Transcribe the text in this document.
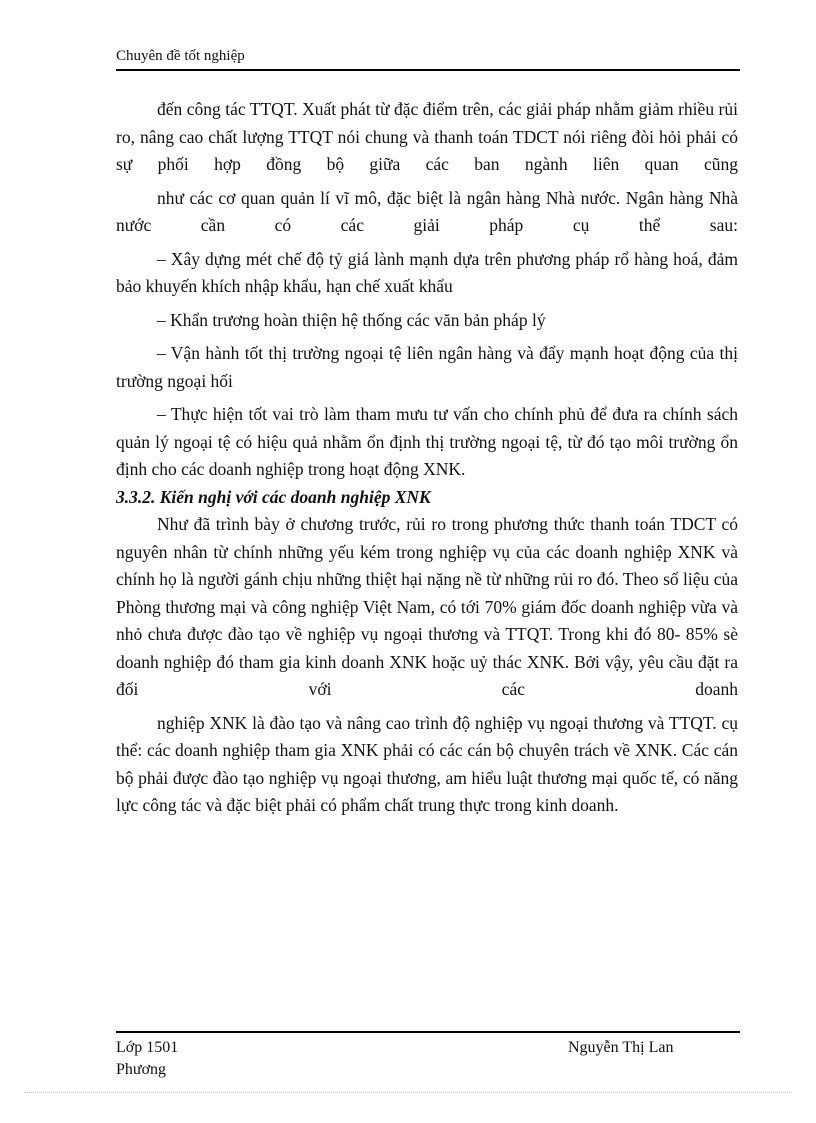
Chuyên đề tốt nghiệp

đến công tác TTQT. Xuất phát từ đặc điểm trên, các giải pháp nhằm giảm rhiều rủi ro, nâng cao chất lượng TTQT nói chung và thanh toán TDCT nói riêng đòi hỏi phải có sự phối hợp đồng bộ giữa các ban ngành liên quan cũng

như các cơ quan quản lí vĩ mô, đặc biệt là ngân hàng Nhà nước. Ngân hàng Nhà nước cần có các giải pháp cụ thể sau:

– Xây dựng mét chế độ tỷ giá lành mạnh dựa trên phương pháp rổ hàng hoá, đảm bảo khuyến khích nhập khẩu, hạn chế xuất khẩu

– Khẩn trương hoàn thiện hệ thống các văn bản pháp lý

– Vận hành tốt thị trường ngoại tệ liên ngân hàng và đẩy mạnh hoạt động của thị trường ngoại hối

– Thực hiện tốt vai trò làm tham mưu tư vấn cho chính phủ để đưa ra chính sách quản lý ngoại tệ có hiệu quả nhằm ổn định thị trường ngoại tệ, từ đó tạo môi trường ổn định cho các doanh nghiệp trong hoạt động XNK.

3.3.2. Kiến nghị với các doanh nghiệp XNK

Như đã trình bày ở chương trước, rủi ro trong phương thức thanh toán TDCT có nguyên nhân từ chính những yếu kém trong nghiệp vụ của các doanh nghiệp XNK và chính họ là người gánh chịu những thiệt hại nặng nề từ những rủi ro đó. Theo số liệu của Phòng thương mại và công nghiệp Việt Nam, có tới 70% giám đốc doanh nghiệp vừa và nhỏ chưa được đào tạo về nghiệp vụ ngoại thương và TTQT. Trong khi đó 80- 85% sè doanh nghiệp đó tham gia kinh doanh XNK hoặc uỷ thác XNK. Bởi vậy, yêu cầu đặt ra đối với các doanh

nghiệp XNK là đào tạo và nâng cao trình độ nghiệp vụ ngoại thương và TTQT. cụ thể: các doanh nghiệp tham gia XNK phải có các cán bộ chuyên trách về XNK. Các cán bộ phải được đào tạo nghiệp vụ ngoại thương, am hiểu luật thương mại quốc tế, có năng lực công tác và đặc biệt phải có phẩm chất trung thực trong kinh doanh.

Lớp 1501
Phương
Nguyễn Thị Lan
